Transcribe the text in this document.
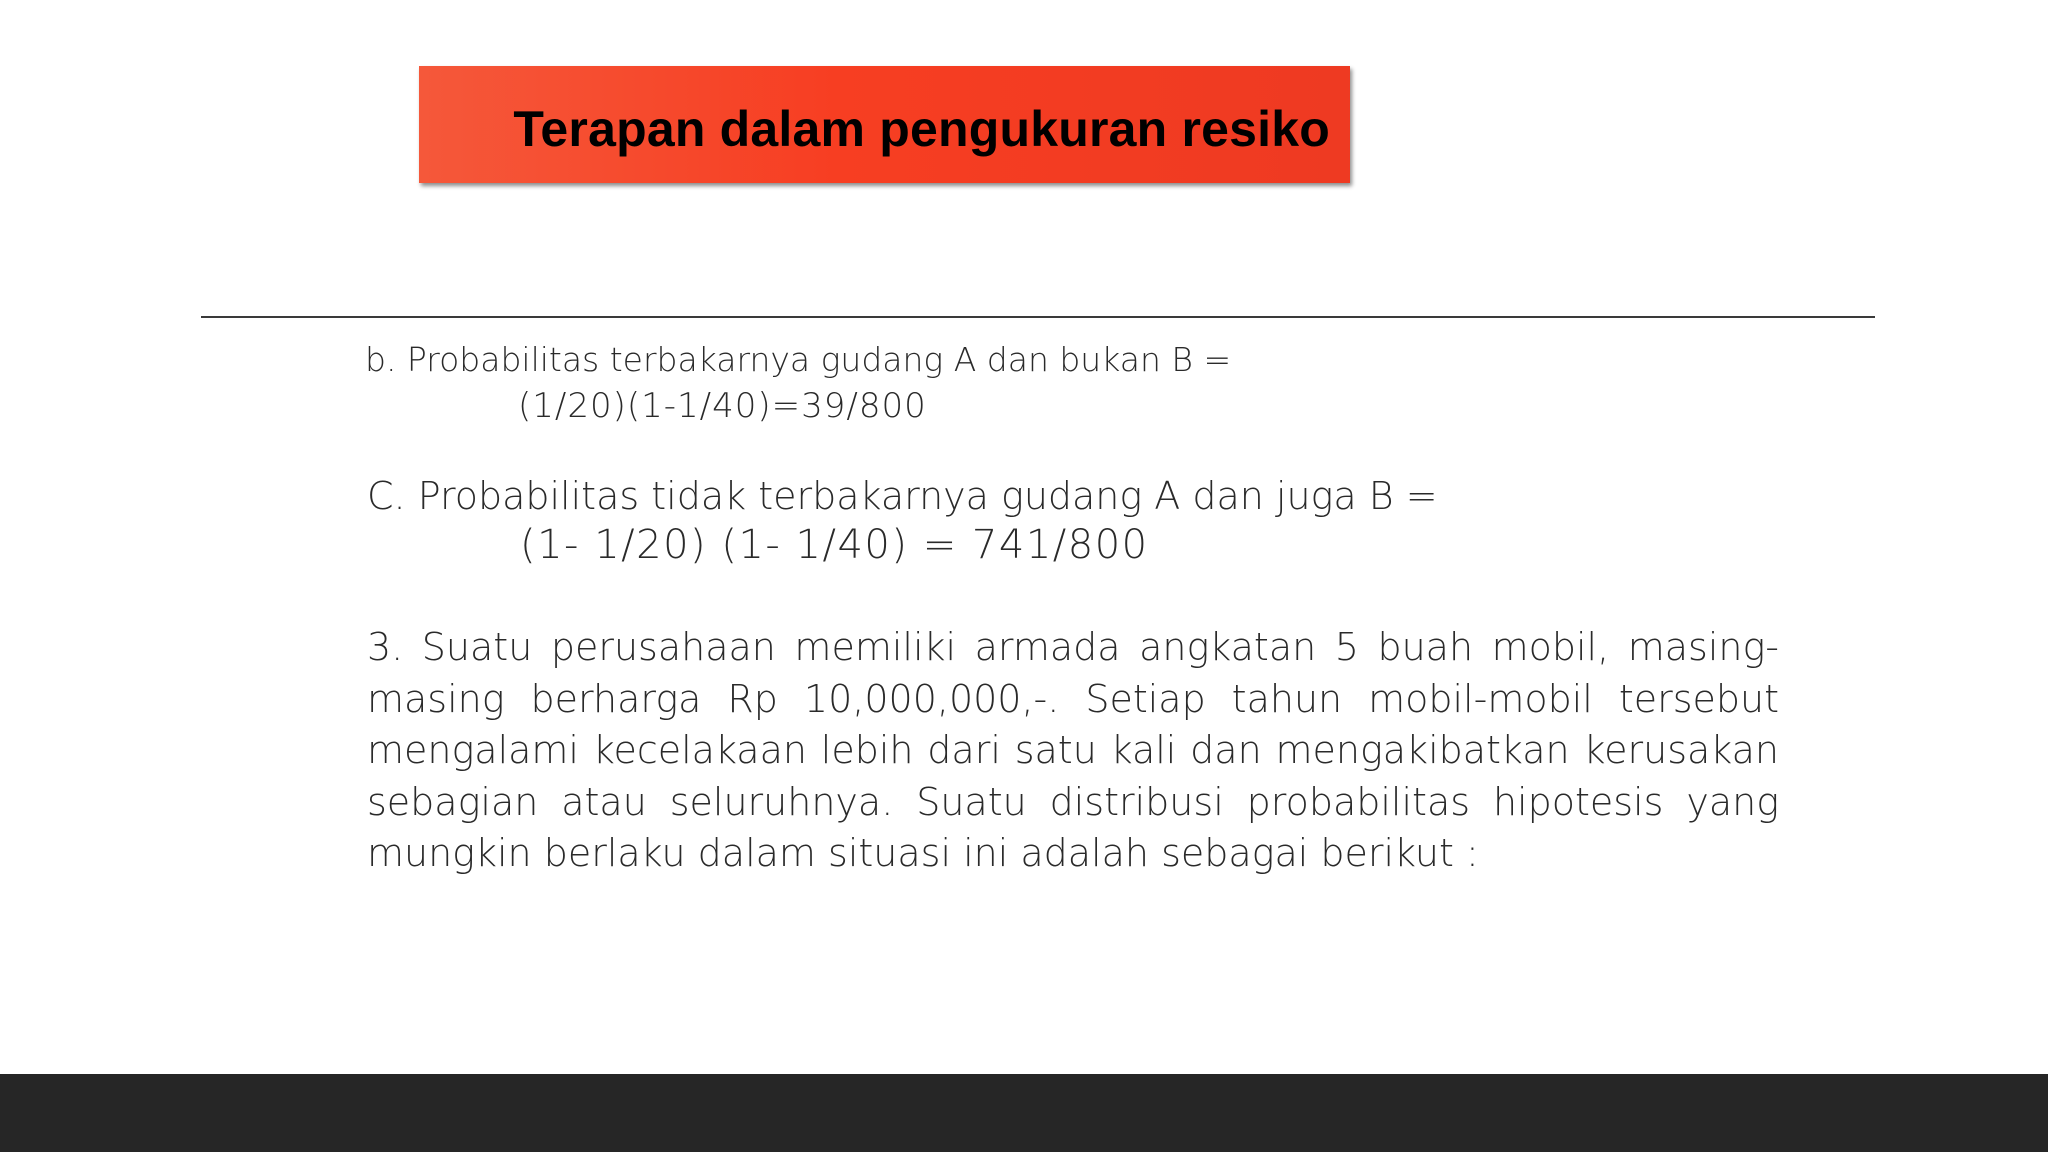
Terapan dalam pengukuran resiko
b. Probabilitas terbakarnya gudang A dan bukan B =
(1/20)(1-1/40)=39/800
C. Probabilitas tidak terbakarnya gudang A dan juga B =
(1- 1/20) (1- 1/40) = 741/800
3. Suatu perusahaan memiliki armada angkatan 5 buah mobil, masing-masing berharga Rp 10,000,000,-. Setiap tahun mobil-mobil tersebut mengalami kecelakaan lebih dari satu kali dan mengakibatkan kerusakan sebagian atau seluruhnya. Suatu distribusi probabilitas hipotesis yang mungkin berlaku dalam situasi ini adalah sebagai berikut :
